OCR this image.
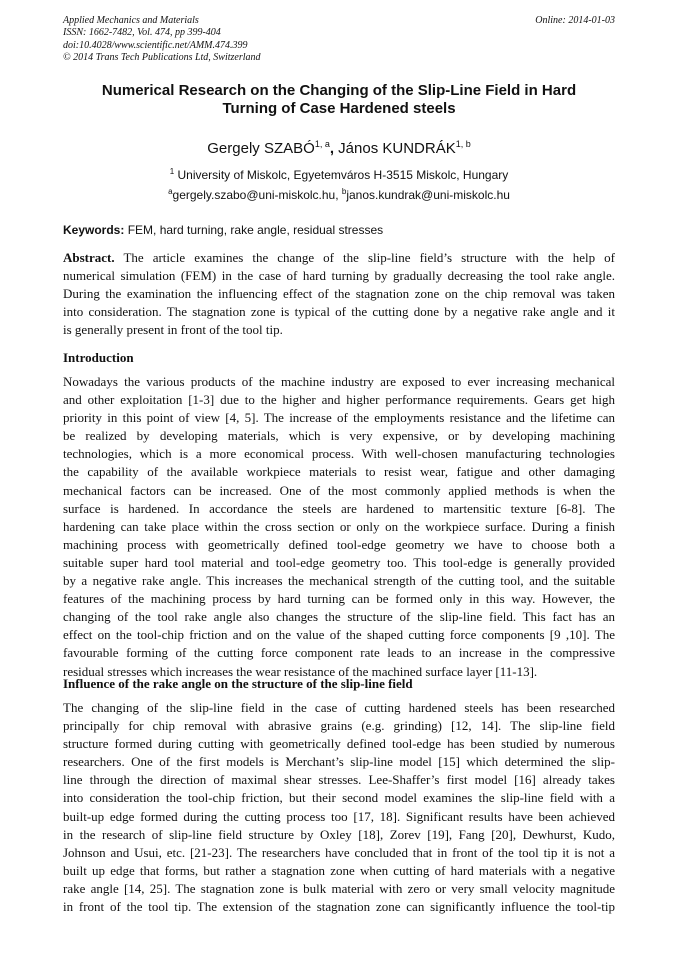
Applied Mechanics and Materials
ISSN: 1662-7482, Vol. 474, pp 399-404
doi:10.4028/www.scientific.net/AMM.474.399
© 2014 Trans Tech Publications Ltd, Switzerland
Online: 2014-01-03
Numerical Research on the Changing of the Slip-Line Field in Hard
Turning of Case Hardened steels
Gergely SZABÓ$^{1, a}$, János KUNDRÁK$^{1, b}$
$^1$ University of Miskolc, Egyetemváros H-3515 Miskolc, Hungary
$^a$gergely.szabo@uni-miskolc.hu, $^b$janos.kundrak@uni-miskolc.hu
Keywords: FEM, hard turning, rake angle, residual stresses
Abstract. The article examines the change of the slip-line field’s structure with the help of
numerical simulation (FEM) in the case of hard turning by gradually decreasing the tool rake angle.
During the examination the influencing effect of the stagnation zone on the chip removal was taken
into consideration. The stagnation zone is typical of the cutting done by a negative rake angle and it
is generally present in front of the tool tip.
Introduction
Nowadays the various products of the machine industry are exposed to ever increasing mechanical
and other exploitation [1-3] due to the higher and higher performance requirements. Gears get high
priority in this point of view [4, 5]. The increase of the employments resistance and the lifetime can
be realized by developing materials, which is very expensive, or by developing machining
technologies, which is a more economical process. With well-chosen manufacturing technologies
the capability of the available workpiece materials to resist wear, fatigue and other damaging
mechanical factors can be increased. One of the most commonly applied methods is when the
surface is hardened. In accordance the steels are hardened to martensitic texture [6-8]. The
hardening can take place within the cross section or only on the workpiece surface. During a finish
machining process with geometrically defined tool-edge geometry we have to choose both a
suitable super hard tool material and tool-edge geometry too. This tool-edge is generally provided
by a negative rake angle. This increases the mechanical strength of the cutting tool, and the suitable
features of the machining process by hard turning can be formed only in this way. However, the
changing of the tool rake angle also changes the structure of the slip-line field. This fact has an
effect on the tool-chip friction and on the value of the shaped cutting force components [9 ,10]. The
favourable forming of the cutting force component rate leads to an increase in the compressive
residual stresses which increases the wear resistance of the machined surface layer [11-13].
Influence of the rake angle on the structure of the slip-line field
The changing of the slip-line field in the case of cutting hardened steels has been researched
principally for chip removal with abrasive grains (e.g. grinding) [12, 14]. The slip-line field
structure formed during cutting with geometrically defined tool-edge has been studied by numerous
researchers. One of the first models is Merchant’s slip-line model [15] which determined the slip-
line through the direction of maximal shear stresses. Lee-Shaffer’s first model [16] already takes
into consideration the tool-chip friction, but their second model examines the slip-line field with a
built-up edge formed during the cutting process too [17, 18]. Significant results have been achieved
in the research of slip-line field structure by Oxley [18], Zorev [19], Fang [20], Dewhurst, Kudo,
Johnson and Usui, etc. [21-23]. The researchers have concluded that in front of the tool tip it is not a
built up edge that forms, but rather a stagnation zone when cutting of hard materials with a negative
rake angle [14, 25]. The stagnation zone is bulk material with zero or very small velocity magnitude
in front of the tool tip. The extension of the stagnation zone can significantly influence the tool-tip
